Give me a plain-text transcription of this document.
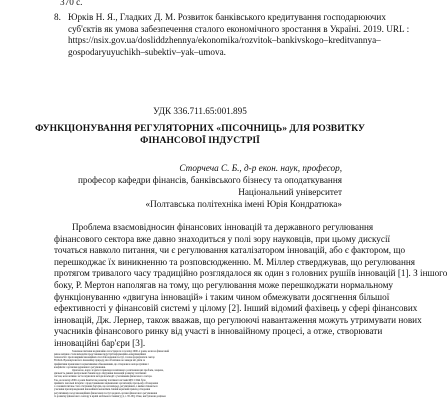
370 с.
8. Юркiв Н. Я., Гладких Д. М. Розвиток банкiвського кредитування господарюючих
суб'єктiв як умова забезпечення сталого економiчного зростання в Українi. 2019. URL :
https://nsix.gov.ua/dosliddzhennya/ekonomika/rozvitok–bankivskogo–kreditvannya–
gospodaryuyuchikh–subektiv–yak–umova.
УДК 336.711.65:001.895
ФУНКЦIОНУВАННЯ РЕГУЛЯТОРНИХ «ПIСОЧНИЦЬ» ДЛЯ РОЗВИТКУ
ФIНАНСОВОЇ IНДУСТРIЇ
Сторчеча С. Б., д-р екон. наук, професор,
професор кафедри фiнансiв, банкiвського бiзнесу та оподаткування
Нацiональний унiверситет
«Полтавська полiтехнiка iменi Юрiя Кондратюка»
Проблема взаємовiдносин фiнансових iнновацiй та державного регулювання
фiнансового сектора вже давно знаходиться у полi зору науковцiв, при цьому дискусiї
точаться навколо питання, чи є регулювання каталiзатором iнновацiй, або є фактором, що
перешкоджає їх виникненню та розповсюдженню. М. Мiллер стверджував, що регулювання
протягом тривалого часу традицiйно розглядалося як один з головних рушiїв iнновацiй [1]. З iншого
боку, Р. Мертон наполягав на тому, що регулювання може перешкоджати нормальному
функцiонуванню «двигуна iнновацiй» i таким чином обмежувати досягнення бiльшої
ефективностi у фiнансовiй системi у цiлому [2]. Iнший вiдомий фахiвець у сферi фiнансових
iнновацiй, Дж. Лернер, також вважав, що регулюючi навантаження можуть утримувати нових
учасникiв фiнансового ринку вiд участi в iнноваiйному процесi, а отже, створювати
iнновацiйнi бар'єри [3].
Зазначене питання надзвичайно загострилося з початку 2000–х рокiв, коли на фiнансовий
ринок активно стали виходити представники iндустрiї iнформацiйно-комунiкацiйних
технологiй з пропозицiями iнноваiйних способiв надання послуг, i почав формуватися сектор
FinTech. Враховуючи його iнноваiйну природу, вiн об'єктивно не завжди мiг дiяти за
прийнятими правилами i нормативними обмеженнями, що створювало непорозумiння i
конфлiкти з органами державного регулювання.
Одночасно, варто згадати i приклади позитивного розв'язання цих проблем, зокрема,
дiяльнiсть деяких центральних банкiв щодо пiдтримки iнновацiй розвитку платiжних
систем, коли активно застосовувалися методи взаємодiї з учасниками фiнансового сектора.
Так, на початку 2000–х рокiв Комiтетом розвитку платiжної системи ФРС США було
прийнято чисельнi iнтерв'ю з представниками зацiкавлених органiзацiй, при цьому обговорення
з основних питань стало з'ясування бар'єрiв, що насамперед, регулятивних, з якими стикаються
учасники при впровадженнi iнноваiйних механiзмiв. Iнший корисний приклад створення
регулятивних засад iнновацiйних фiнансових послуг надають органи фiнансового регулювання
та розвитку фiнансового сектору в країнi мобiльного банкiнгу [4, с. 95–96]. Отже, виступаючи доцiльно
